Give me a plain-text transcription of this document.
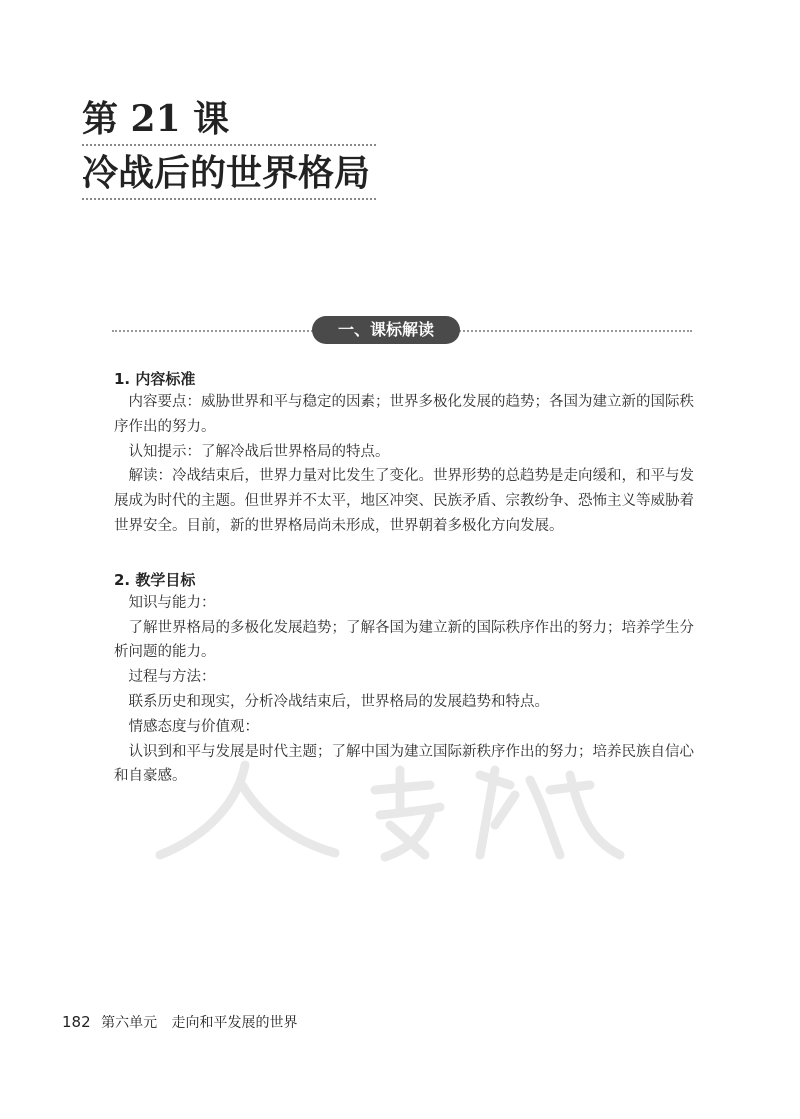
第 21 课
冷战后的世界格局
一、课标解读
1. 内容标准

内容要点：威胁世界和平与稳定的因素；世界多极化发展的趋势；各国为建立新的国际秩序作出的努力。

认知提示：了解冷战后世界格局的特点。

解读：冷战结束后，世界力量对比发生了变化。世界形势的总趋势是走向缓和，和平与发展成为时代的主题。但世界并不太平，地区冲突、民族矛盾、宗教纷争、恐怖主义等威胁着世界安全。目前，新的世界格局尚未形成，世界朝着多极化方向发展。

2. 教学目标

知识与能力：

了解世界格局的多极化发展趋势；了解各国为建立新的国际秩序作出的努力；培养学生分析问题的能力。

过程与方法：

联系历史和现实，分析冷战结束后，世界格局的发展趋势和特点。

情感态度与价值观：

认识到和平与发展是时代主题；了解中国为建立国际新秩序作出的努力；培养民族自信心和自豪感。

182 第六单元 走向和平发展的世界
